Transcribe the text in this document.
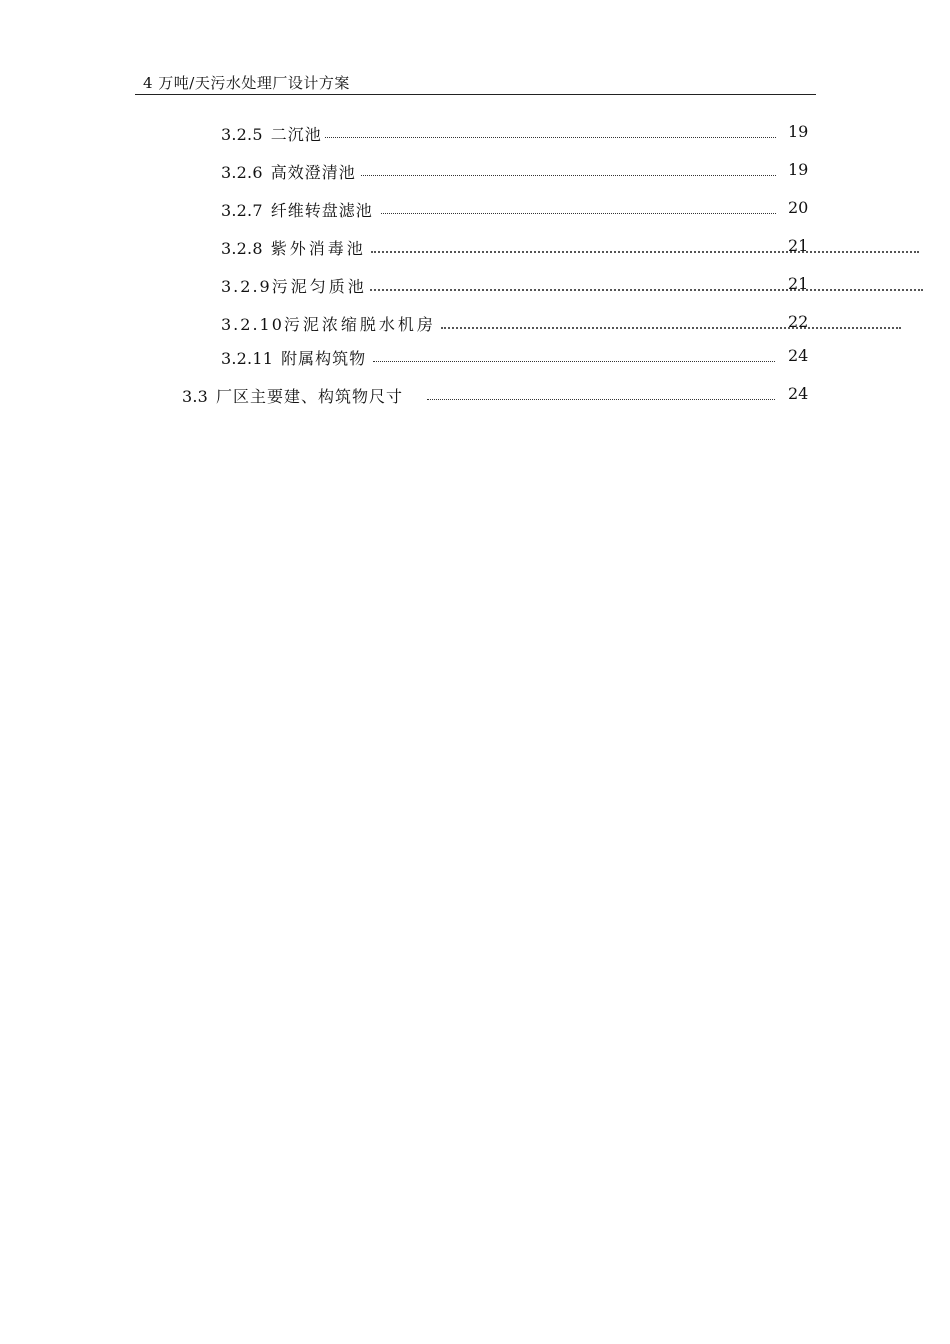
4 万吨/天污水处理厂设计方案
3.2.5 二沉池	19
3.2.6 高效澄清池	19
3.2.7 纤维转盘滤池	20
3.2.8 紫外消毒池	21
3.2.9污泥匀质池	21
3.2.10污泥浓缩脱水机房	22
3.2.11 附属构筑物	24
3.3 厂区主要建、构筑物尺寸	24
